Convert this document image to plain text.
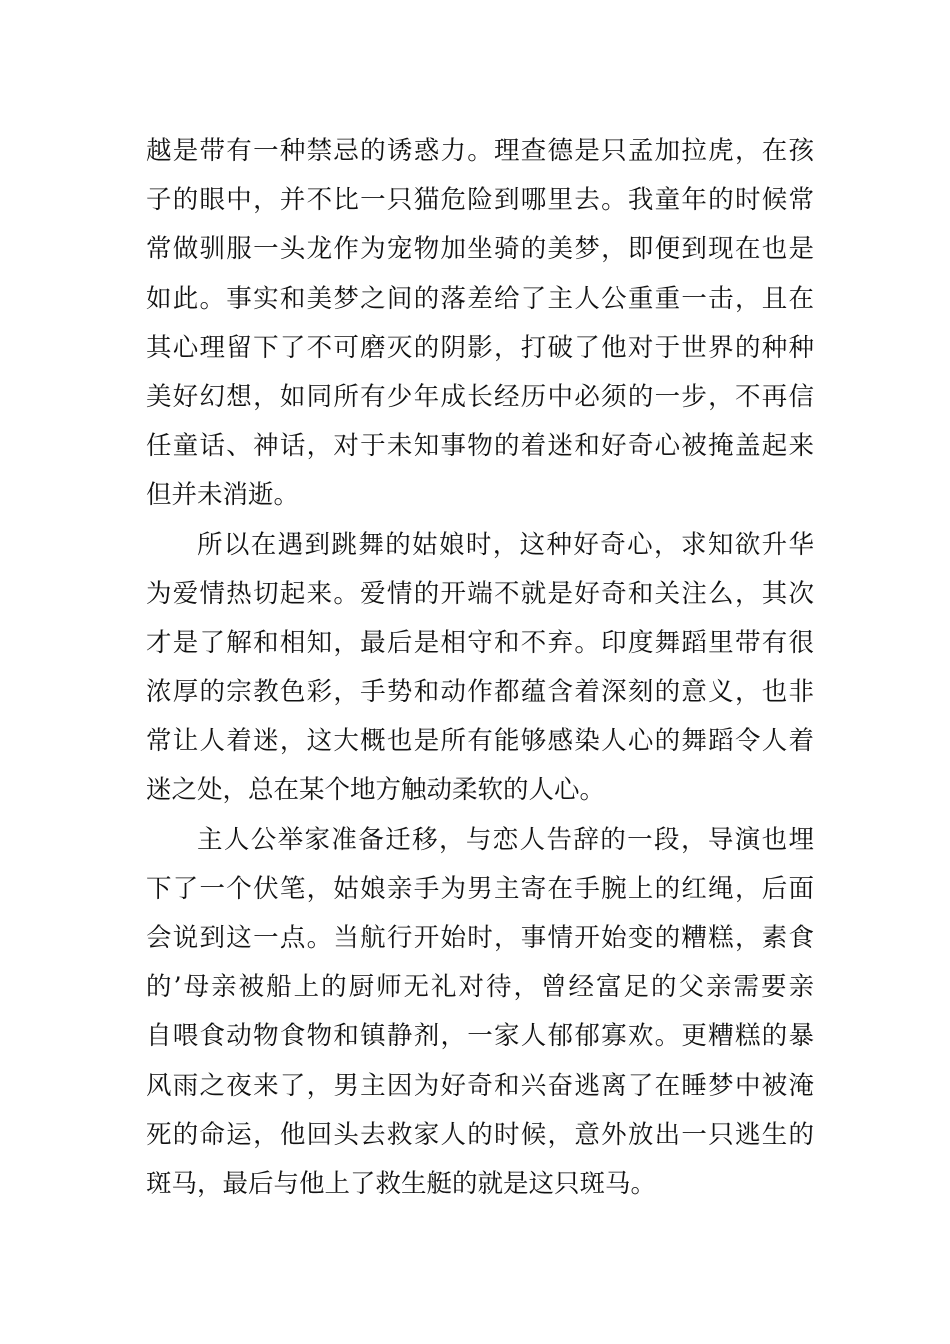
越是带有一种禁忌的诱惑力。理查德是只孟加拉虎，在孩
子的眼中，并不比一只猫危险到哪里去。我童年的时候常
常做驯服一头龙作为宠物加坐骑的美梦，即便到现在也是
如此。事实和美梦之间的落差给了主人公重重一击，且在
其心理留下了不可磨灭的阴影，打破了他对于世界的种种
美好幻想，如同所有少年成长经历中必须的一步，不再信
任童话、神话，对于未知事物的着迷和好奇心被掩盖起来
但并未消逝。
所以在遇到跳舞的姑娘时，这种好奇心，求知欲升华
为爱情热切起来。爱情的开端不就是好奇和关注么，其次
才是了解和相知，最后是相守和不弃。印度舞蹈里带有很
浓厚的宗教色彩，手势和动作都蕴含着深刻的意义，也非
常让人着迷，这大概也是所有能够感染人心的舞蹈令人着
迷之处，总在某个地方触动柔软的人心。
主人公举家准备迁移，与恋人告辞的一段，导演也埋
下了一个伏笔，姑娘亲手为男主寄在手腕上的红绳，后面
会说到这一点。当航行开始时，事情开始变的糟糕，素食
的’母亲被船上的厨师无礼对待，曾经富足的父亲需要亲
自喂食动物食物和镇静剂，一家人郁郁寡欢。更糟糕的暴
风雨之夜来了，男主因为好奇和兴奋逃离了在睡梦中被淹
死的命运，他回头去救家人的时候，意外放出一只逃生的
斑马，最后与他上了救生艇的就是这只斑马。
